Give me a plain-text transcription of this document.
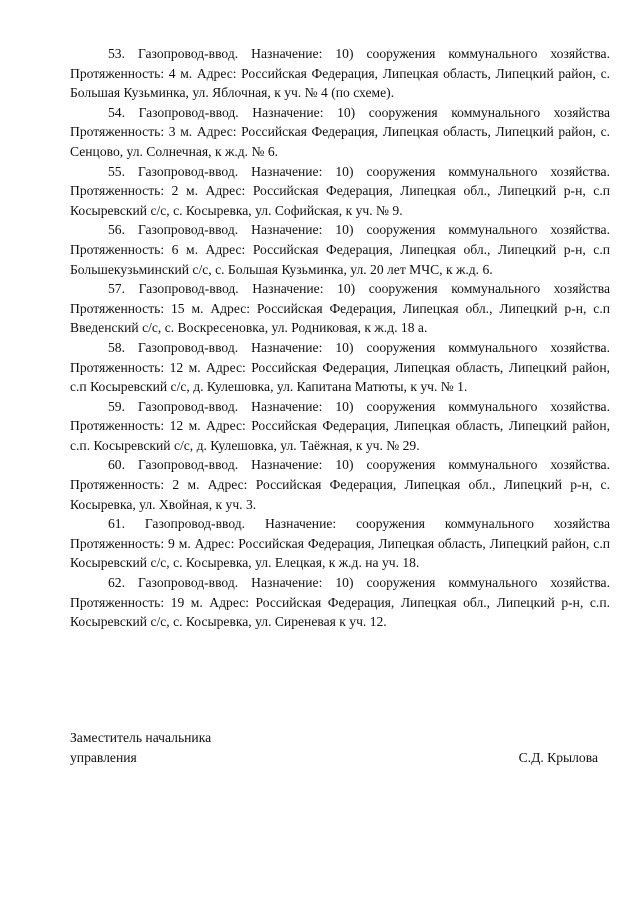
53. Газопровод-ввод. Назначение: 10) сооружения коммунального хозяйства. Протяженность: 4 м. Адрес: Российская Федерация, Липецкая область, Липецкий район, с. Большая Кузьминка, ул. Яблочная, к уч. № 4 (по схеме).

54. Газопровод-ввод. Назначение: 10) сооружения коммунального хозяйства Протяженность: 3 м. Адрес: Российская Федерация, Липецкая область, Липецкий район, с. Сенцово, ул. Солнечная, к ж.д. № 6.

55. Газопровод-ввод. Назначение: 10) сооружения коммунального хозяйства. Протяженность: 2 м. Адрес: Российская Федерация, Липецкая обл., Липецкий р-н, с.п Косыревский с/с, с. Косыревка, ул. Софийская, к уч. № 9.

56. Газопровод-ввод. Назначение: 10) сооружения коммунального хозяйства. Протяженность: 6 м. Адрес: Российская Федерация, Липецкая обл., Липецкий р-н, с.п Большекузьминский с/с, с. Большая Кузьминка, ул. 20 лет МЧС, к ж.д. 6.

57. Газопровод-ввод. Назначение: 10) сооружения коммунального хозяйства Протяженность: 15 м. Адрес: Российская Федерация, Липецкая обл., Липецкий р-н, с.п Введенский с/с, с. Воскресеновка, ул. Родниковая, к ж.д. 18 а.

58. Газопровод-ввод. Назначение: 10) сооружения коммунального хозяйства. Протяженность: 12 м. Адрес: Российская Федерация, Липецкая область, Липецкий район, с.п Косыревский с/с, д. Кулешовка, ул. Капитана Матюты, к уч. № 1.

59. Газопровод-ввод. Назначение: 10) сооружения коммунального хозяйства. Протяженность: 12 м. Адрес: Российская Федерация, Липецкая область, Липецкий район, с.п. Косыревский с/с, д. Кулешовка, ул. Таёжная, к уч. № 29.

60. Газопровод-ввод. Назначение: 10) сооружения коммунального хозяйства. Протяженность: 2 м. Адрес: Российская Федерация, Липецкая обл., Липецкий р-н, с. Косыревка, ул. Хвойная, к уч. 3.

61. Газопровод-ввод. Назначение: сооружения коммунального хозяйства Протяженность: 9 м. Адрес: Российская Федерация, Липецкая область, Липецкий район, с.п Косыревский с/с, с. Косыревка, ул. Елецкая, к ж.д. на уч. 18.

62. Газопровод-ввод. Назначение: 10) сооружения коммунального хозяйства. Протяженность: 19 м. Адрес: Российская Федерация, Липецкая обл., Липецкий р-н, с.п. Косыревский с/с, с. Косыревка, ул. Сиреневая к уч. 12.

Заместитель начальника
управления	С.Д. Крылова
